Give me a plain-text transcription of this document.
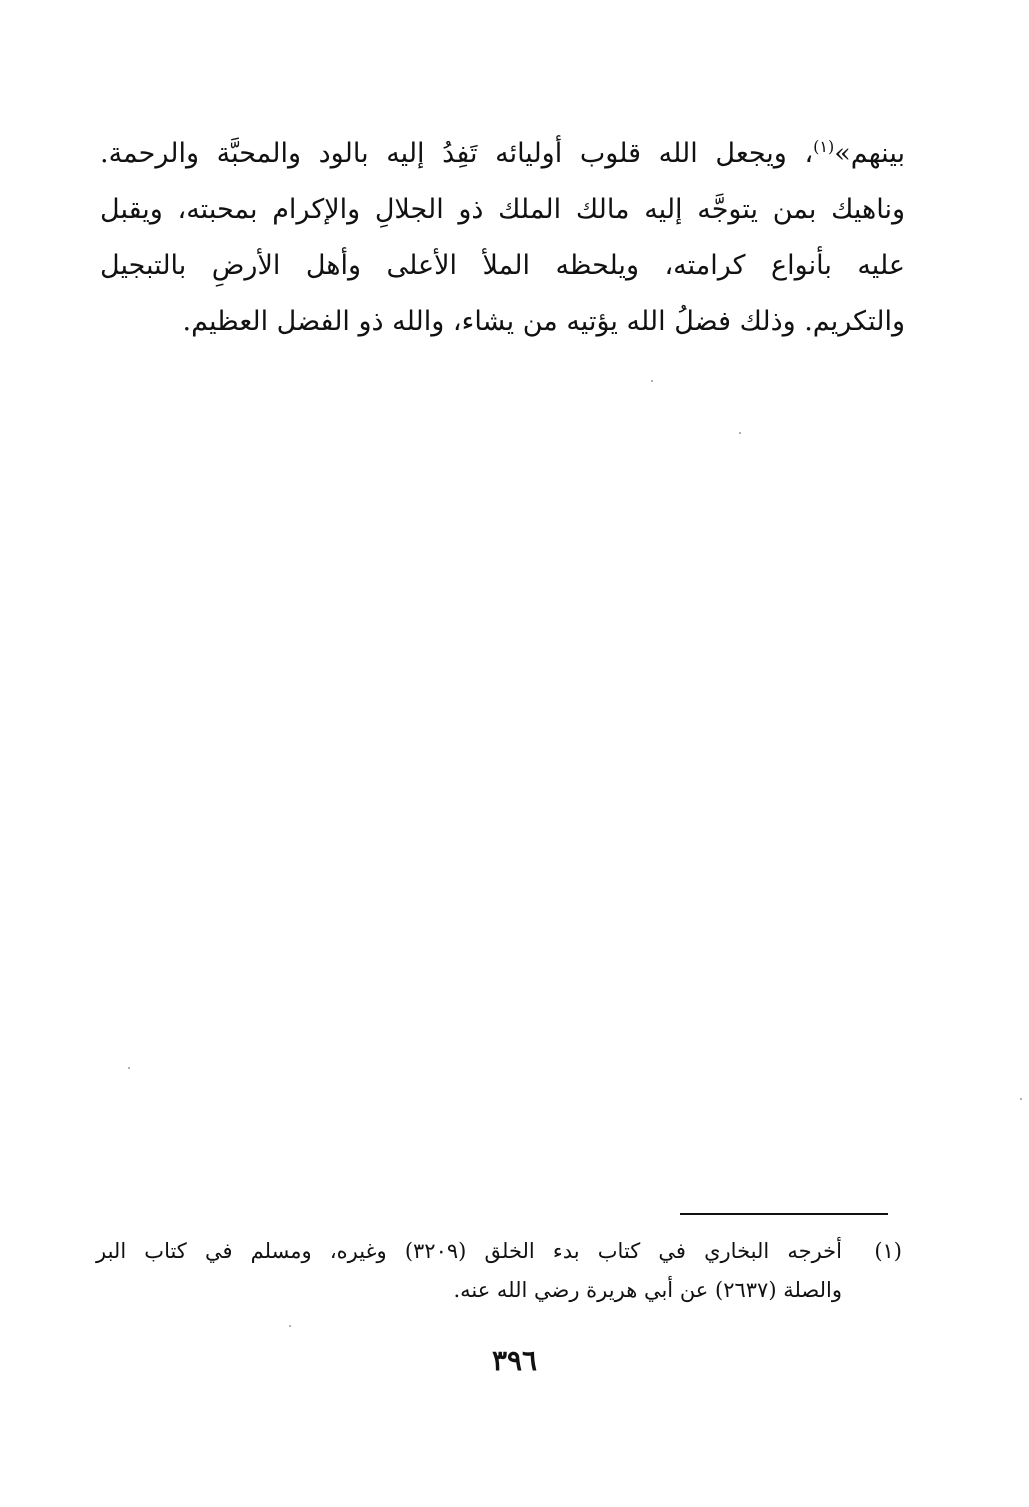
بينهم»$^{(١)}$، ويجعل الله قلوب أوليائه تَفِدُ إليه بالود والمحبَّة والرحمة.
وناهيك بمن يتوجَّه إليه مالك الملك ذو الجلالِ والإكرام بمحبته، ويقبل
عليه بأنواع كرامته، ويلحظه الملأ الأعلى وأهل الأرضِ بالتبجيل
والتكريم. وذلك فضلُ الله يؤتيه من يشاء، والله ذو الفضل العظيم.
(١)
أخرجه البخاري في كتاب بدء الخلق (٣٢٠٩) وغيره، ومسلم في كتاب البر
والصلة (٢٦٣٧) عن أبي هريرة رضي الله عنه.
٣٩٦
